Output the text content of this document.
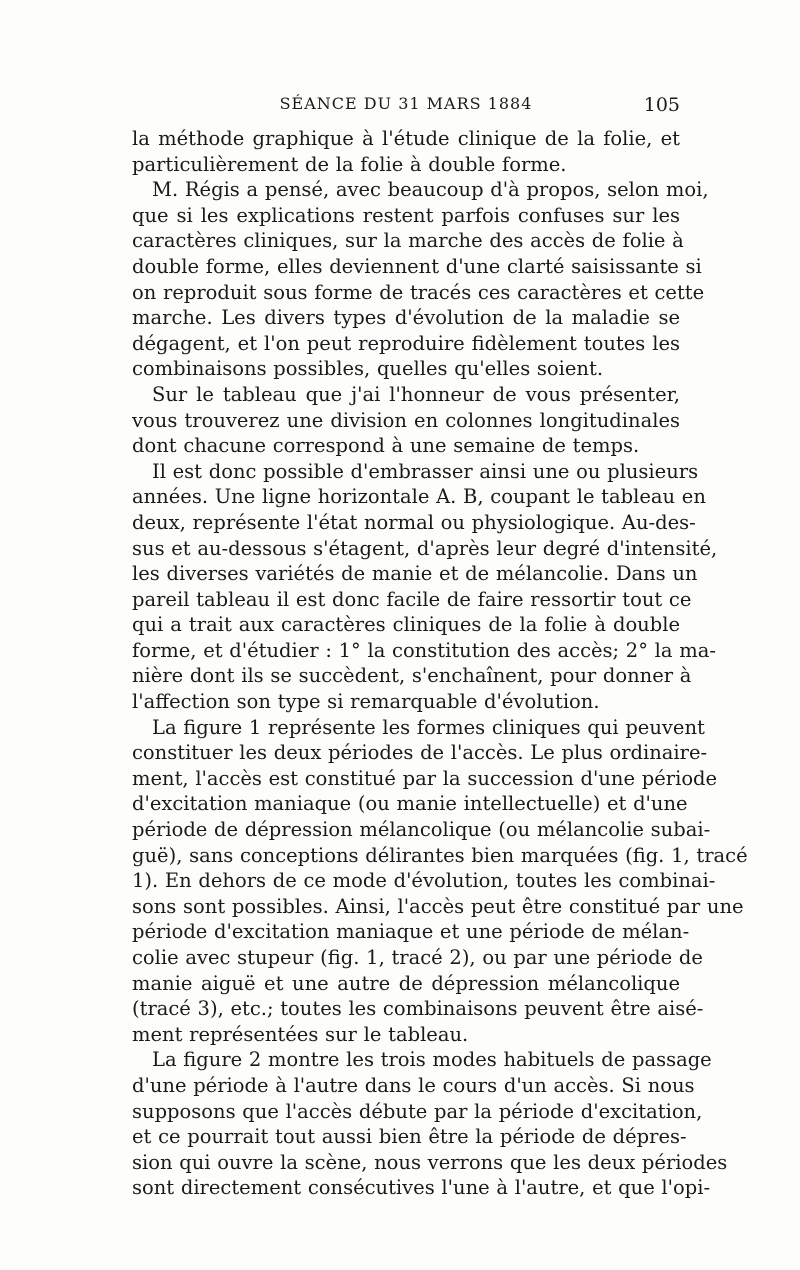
SÉANCE DU 31 MARS 1884	105
la méthode graphique à l'étude clinique de la folie, et
particulièrement de la folie à double forme.
M. Régis a pensé, avec beaucoup d'à propos, selon moi,
que si les explications restent parfois confuses sur les
caractères cliniques, sur la marche des accès de folie à
double forme, elles deviennent d'une clarté saisissante si
on reproduit sous forme de tracés ces caractères et cette
marche. Les divers types d'évolution de la maladie se
dégagent, et l'on peut reproduire fidèlement toutes les
combinaisons possibles, quelles qu'elles soient.
Sur le tableau que j'ai l'honneur de vous présenter,
vous trouverez une division en colonnes longitudinales
dont chacune correspond à une semaine de temps.
Il est donc possible d'embrasser ainsi une ou plusieurs
années. Une ligne horizontale A. B, coupant le tableau en
deux, représente l'état normal ou physiologique. Au-des-
sus et au-dessous s'étagent, d'après leur degré d'intensité,
les diverses variétés de manie et de mélancolie. Dans un
pareil tableau il est donc facile de faire ressortir tout ce
qui a trait aux caractères cliniques de la folie à double
forme, et d'étudier : 1° la constitution des accès; 2° la ma-
nière dont ils se succèdent, s'enchaînent, pour donner à
l'affection son type si remarquable d'évolution.
La figure 1 représente les formes cliniques qui peuvent
constituer les deux périodes de l'accès. Le plus ordinaire-
ment, l'accès est constitué par la succession d'une période
d'excitation maniaque (ou manie intellectuelle) et d'une
période de dépression mélancolique (ou mélancolie subai-
guë), sans conceptions délirantes bien marquées (fig. 1, tracé
1). En dehors de ce mode d'évolution, toutes les combinai-
sons sont possibles. Ainsi, l'accès peut être constitué par une
période d'excitation maniaque et une période de mélan-
colie avec stupeur (fig. 1, tracé 2), ou par une période de
manie aiguë et une autre de dépression mélancolique
(tracé 3), etc.; toutes les combinaisons peuvent être aisé-
ment représentées sur le tableau.
La figure 2 montre les trois modes habituels de passage
d'une période à l'autre dans le cours d'un accès. Si nous
supposons que l'accès débute par la période d'excitation,
et ce pourrait tout aussi bien être la période de dépres-
sion qui ouvre la scène, nous verrons que les deux périodes
sont directement consécutives l'une à l'autre, et que l'opi-
